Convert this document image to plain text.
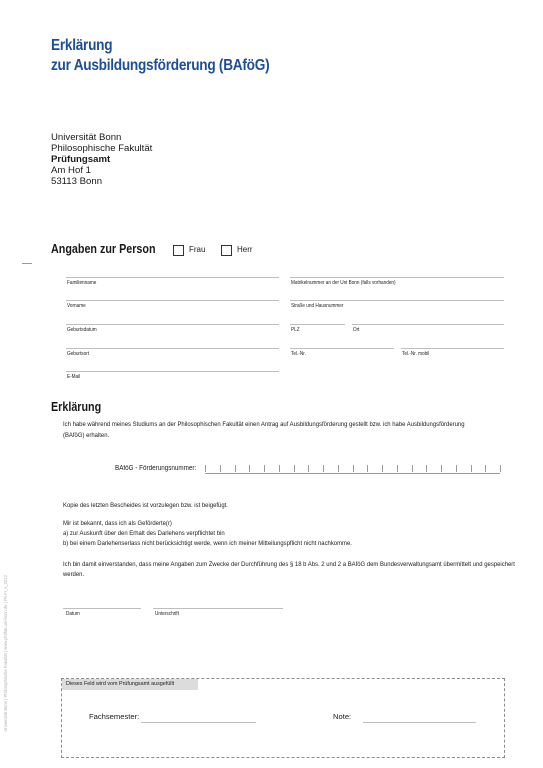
Erklärung
zur Ausbildungsförderung (BAföG)
Universität Bonn
Philosophische Fakultät
Prüfungsamt
Am Hof 1
53113 Bonn
Angaben zur Person	Frau	Herr
Familienname	Matrikelnummer an der Uni Bonn (falls vorhanden)
Vorname	Straße und Hausnummer
Geburtsdatum	PLZ	Ort
Geburtsort	Tel.-Nr.	Tel.-Nr. mobil
E-Mail
Erklärung
Ich habe während meines Studiums an der Philosophischen Fakultät einen Antrag auf Ausbildungsförderung gestellt bzw. ich habe Ausbildungsförderung
(BAföG) erhalten.
BAföG - Förderungsnummer:
Kopie des letzten Bescheides ist vorzulegen bzw. ist beigefügt.
Mir ist bekannt, dass ich als Geförderte(r)
a) zur Auskunft über den Erhalt des Darlehens verpflichtet bin
b) bei einem Darlehenserlass nicht berücksichtigt werde, wenn ich meiner Mitteilungspflicht nicht nachkomme.
Ich bin damit einverstanden, dass meine Angaben zum Zwecke der Durchführung des § 18 b Abs. 2 und 2 a BAföG dem Bundesverwaltungsamt übermittelt und gespeichert
werden.
Datum	Unterschrift
Dieses Feld wird vom Prüfungsamt ausgefüllt
Fachsemester:	Note:
Universität Bonn | Philosophische Fakultät | www.philfak.uni-bonn.de | PA FI_s_2012
